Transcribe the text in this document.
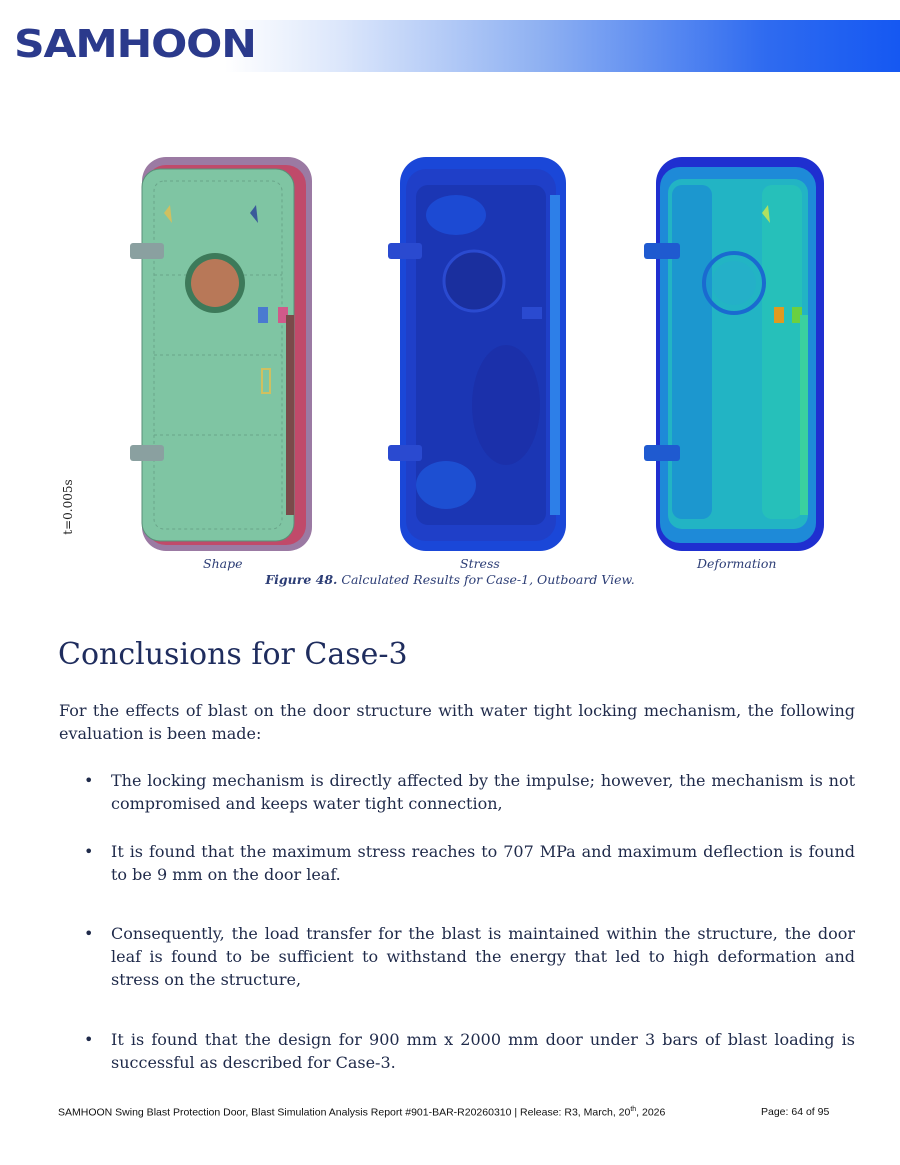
SAMHOON
t=0.005s
Shape	Stress	Deformation
Figure 48. Calculated Results for Case-1, Outboard View.
Conclusions for Case-3
For the effects of blast on the door structure with water tight locking mechanism, the following evaluation is been made:
• The locking mechanism is directly affected by the impulse; however, the mechanism is not compromised and keeps water tight connection,
• It is found that the maximum stress reaches to 707 MPa and maximum deflection is found to be 9 mm on the door leaf.
• Consequently, the load transfer for the blast is maintained within the structure, the door leaf is found to be sufficient to withstand the energy that led to high deformation and stress on the structure,
• It is found that the design for 900 mm x 2000 mm door under 3 bars of blast loading is successful as described for Case-3.
SAMHOON Swing Blast Protection Door, Blast Simulation Analysis Report #901-BAR-R20260310 | Release: R3, March, 20th, 2026	Page: 64 of 95
